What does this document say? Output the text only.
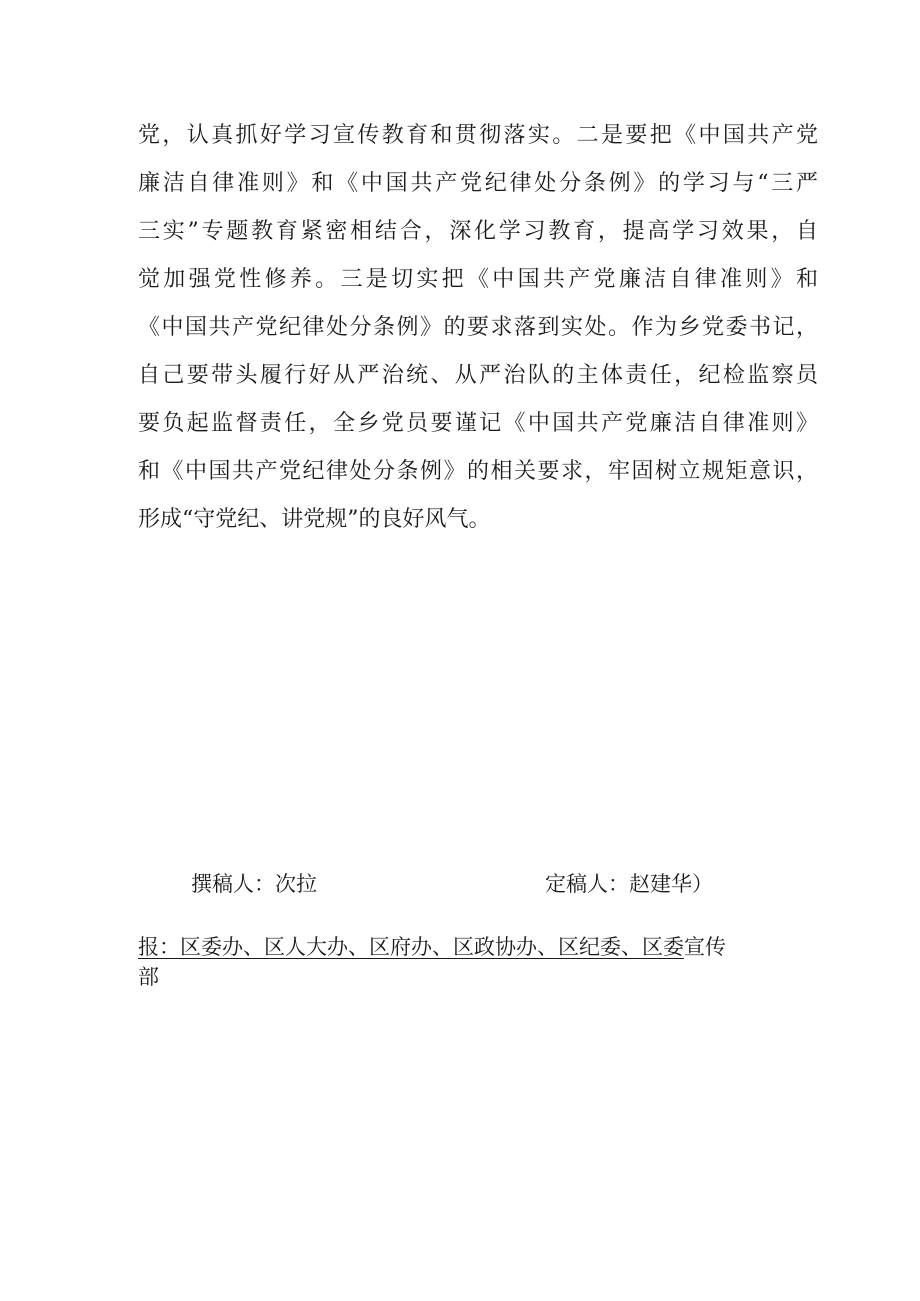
党，认真抓好学习宣传教育和贯彻落实。二是要把《中国共产党
廉洁自律准则》和《中国共产党纪律处分条例》的学习与“三严
三实”专题教育紧密相结合，深化学习教育，提高学习效果，自
觉加强党性修养。三是切实把《中国共产党廉洁自律准则》和
《中国共产党纪律处分条例》的要求落到实处。作为乡党委书记，
自己要带头履行好从严治统、从严治队的主体责任，纪检监察员
要负起监督责任，全乡党员要谨记《中国共产党廉洁自律准则》
和《中国共产党纪律处分条例》的相关要求，牢固树立规矩意识，
形成“守党纪、讲党规”的良好风气。
撰稿人：次拉	定稿人：赵建华）
报：区委办、区人大办、区府办、区政协办、区纪委、区委宣传
部
